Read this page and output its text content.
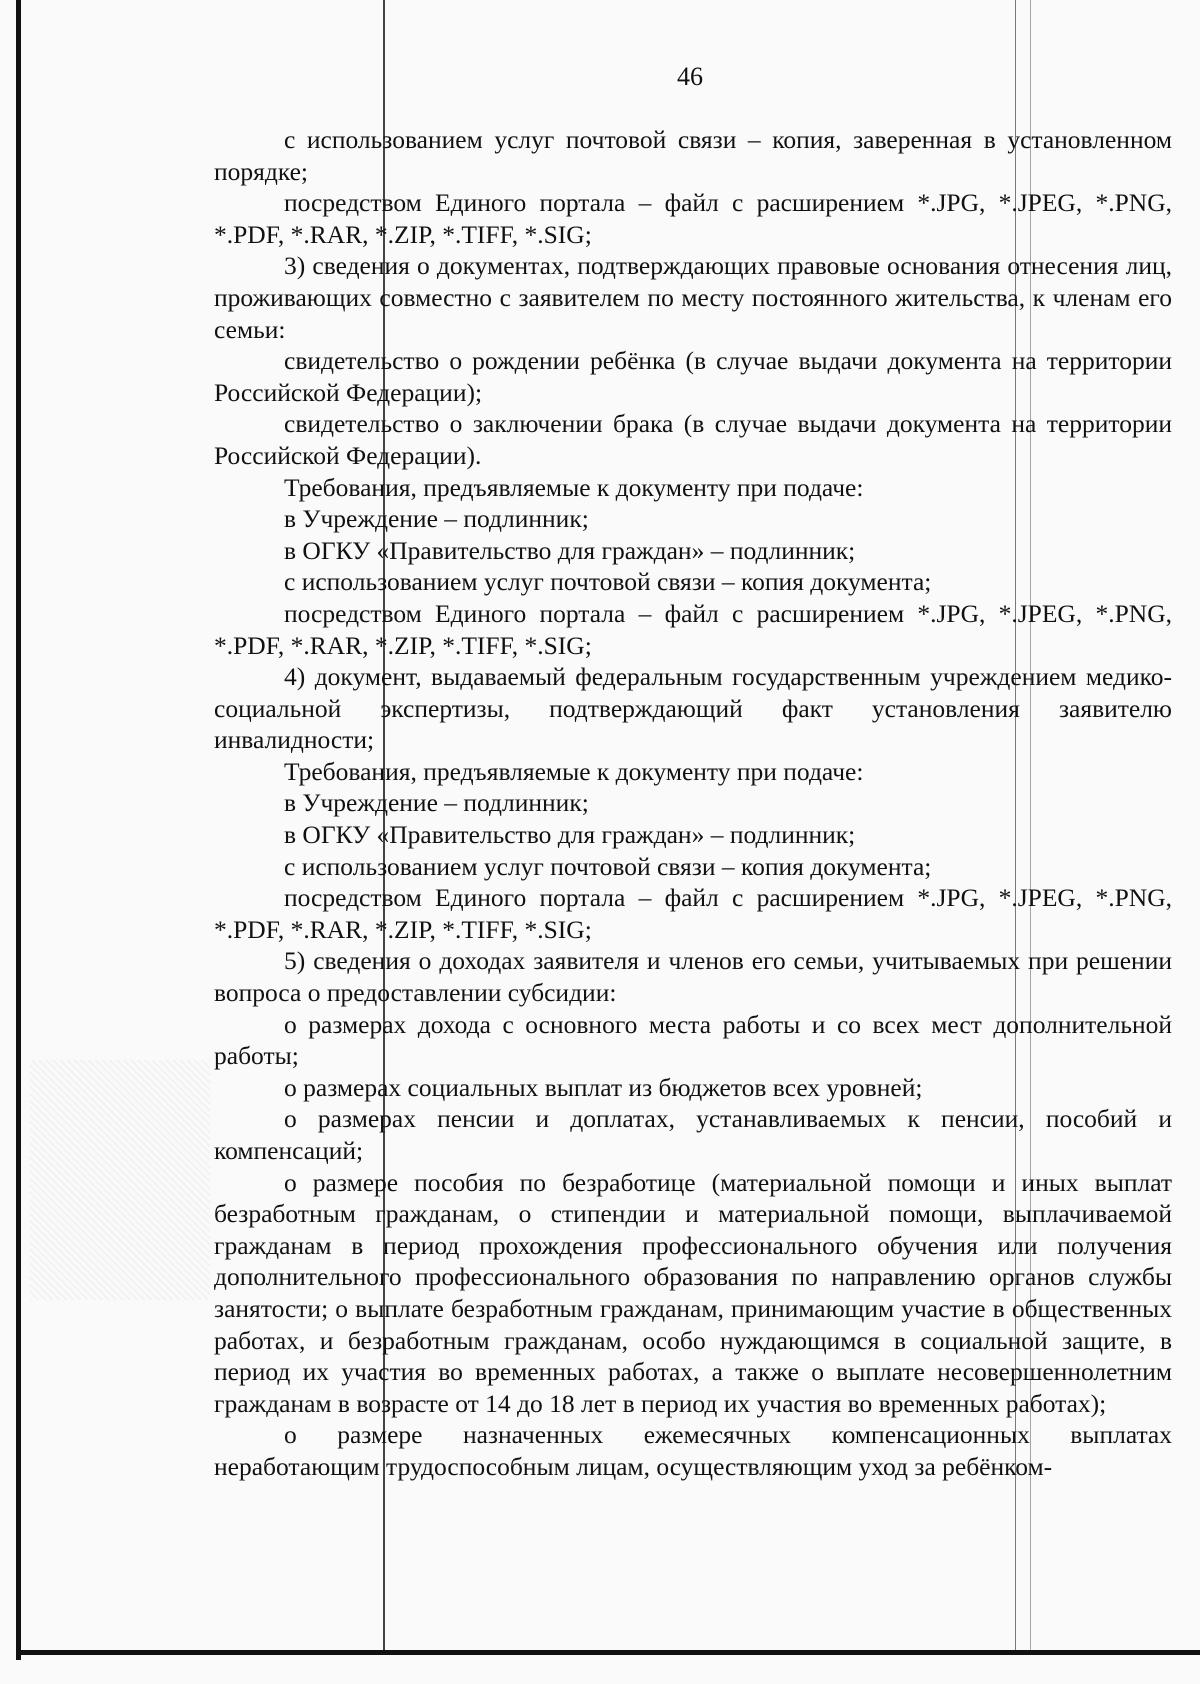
46

с использованием услуг почтовой связи – копия, заверенная в установленном порядке;

посредством Единого портала – файл с расширением *.JPG, *.JPEG, *.PNG, *.PDF, *.RAR, *.ZIP, *.TIFF, *.SIG;

3) сведения о документах, подтверждающих правовые основания отнесения лиц, проживающих совместно с заявителем по месту постоянного жительства, к членам его семьи:

свидетельство о рождении ребёнка (в случае выдачи документа на территории Российской Федерации);

свидетельство о заключении брака (в случае выдачи документа на территории Российской Федерации).

Требования, предъявляемые к документу при подаче:

в Учреждение – подлинник;

в ОГКУ «Правительство для граждан» – подлинник;

с использованием услуг почтовой связи – копия документа;

посредством Единого портала – файл с расширением *.JPG, *.JPEG, *.PNG, *.PDF, *.RAR, *.ZIP, *.TIFF, *.SIG;

4) документ, выдаваемый федеральным государственным учреждением медико-социальной экспертизы, подтверждающий факт установления заявителю инвалидности;

Требования, предъявляемые к документу при подаче:

в Учреждение – подлинник;

в ОГКУ «Правительство для граждан» – подлинник;

с использованием услуг почтовой связи – копия документа;

посредством Единого портала – файл с расширением *.JPG, *.JPEG, *.PNG, *.PDF, *.RAR, *.ZIP, *.TIFF, *.SIG;

5) сведения о доходах заявителя и членов его семьи, учитываемых при решении вопроса о предоставлении субсидии:

о размерах дохода с основного места работы и со всех мест дополнительной работы;

о размерах социальных выплат из бюджетов всех уровней;

о размерах пенсии и доплатах, устанавливаемых к пенсии, пособий и компенсаций;

о размере пособия по безработице (материальной помощи и иных выплат безработным гражданам, о стипендии и материальной помощи, выплачиваемой гражданам в период прохождения профессионального обучения или получения дополнительного профессионального образования по направлению органов службы занятости; о выплате безработным гражданам, принимающим участие в общественных работах, и безработным гражданам, особо нуждающимся в социальной защите, в период их участия во временных работах, а также о выплате несовершеннолетним гражданам в возрасте от 14 до 18 лет в период их участия во временных работах);

о размере назначенных ежемесячных компенсационных выплатах неработающим трудоспособным лицам, осуществляющим уход за ребёнком-
